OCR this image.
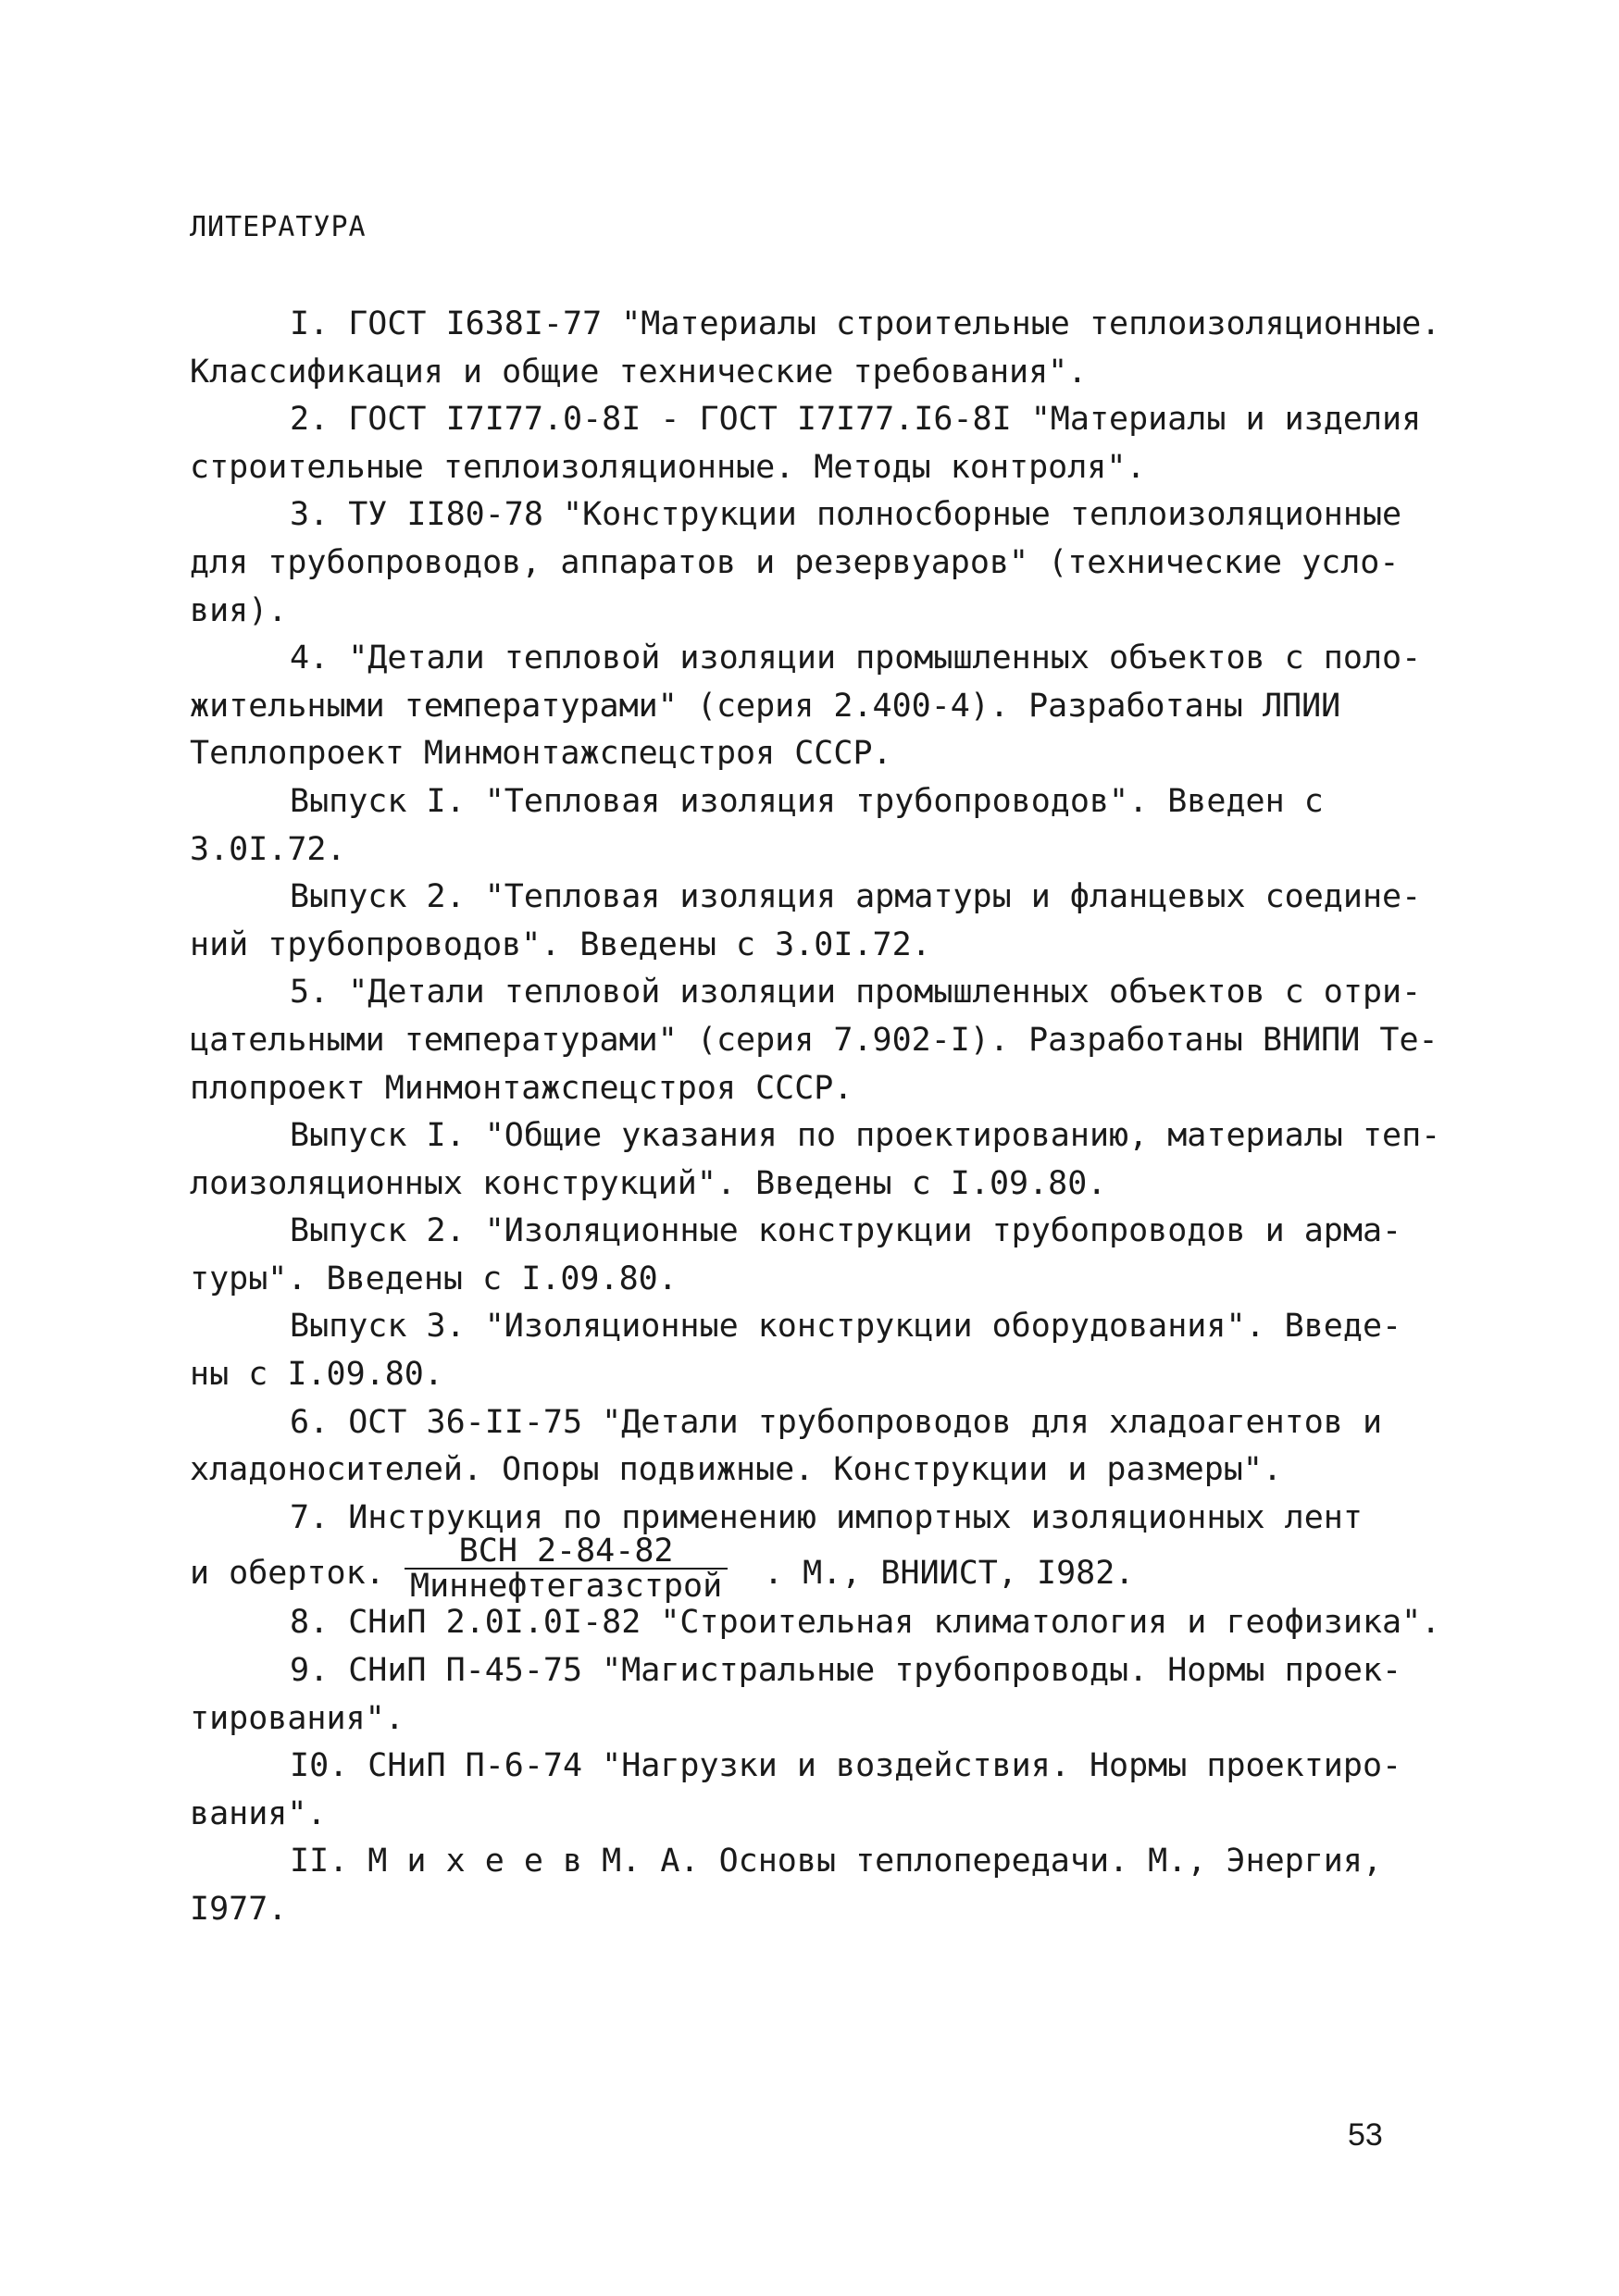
ЛИТЕРАТУРА
I. ГОСТ I638I-77 "Материалы строительные теплоизоляционные.
Классификация и общие технические требования".
2. ГОСТ I7I77.0-8I - ГОСТ I7I77.I6-8I "Материалы и изделия
строительные теплоизоляционные. Методы контроля".
3. ТУ II80-78 "Конструкции полносборные теплоизоляционные
для трубопроводов, аппаратов и резервуаров" (технические усло-
вия).
4. "Детали тепловой изоляции промышленных объектов с поло-
жительными температурами" (серия 2.400-4). Разработаны ЛПИИ
Теплопроект Минмонтажспецстроя СССР.
Выпуск I. "Тепловая изоляция трубопроводов". Введен с
3.0I.72.
Выпуск 2. "Тепловая изоляция арматуры и фланцевых соедине-
ний трубопроводов". Введены с 3.0I.72.
5. "Детали тепловой изоляции промышленных объектов с отри-
цательными температурами" (серия 7.902-I). Разработаны ВНИПИ Те-
плопроект Минмонтажспецстроя СССР.
Выпуск I. "Общие указания по проектированию, материалы теп-
лоизоляционных конструкций". Введены с I.09.80.
Выпуск 2. "Изоляционные конструкции трубопроводов и арма-
туры". Введены с I.09.80.
Выпуск 3. "Изоляционные конструкции оборудования". Введе-
ны с I.09.80.
6. ОСТ 36-II-75 "Детали трубопроводов для хладоагентов и
хладоносителей. Опоры подвижные. Конструкции и размеры".
7. Инструкция по применению импортных изоляционных лент
и оберток.
ВСН 2-84-82
Миннефтегазстрой . М., ВНИИСТ, I982.
8. СНиП 2.0I.0I-82 "Строительная климатология и геофизика".
9. СНиП П-45-75 "Магистральные трубопроводы. Нормы проек-
тирования".
I0. СНиП П-6-74 "Нагрузки и воздействия. Нормы проектиро-
вания".
II. М и х е е в М. А. Основы теплопередачи. М., Энергия,
I977.
53
